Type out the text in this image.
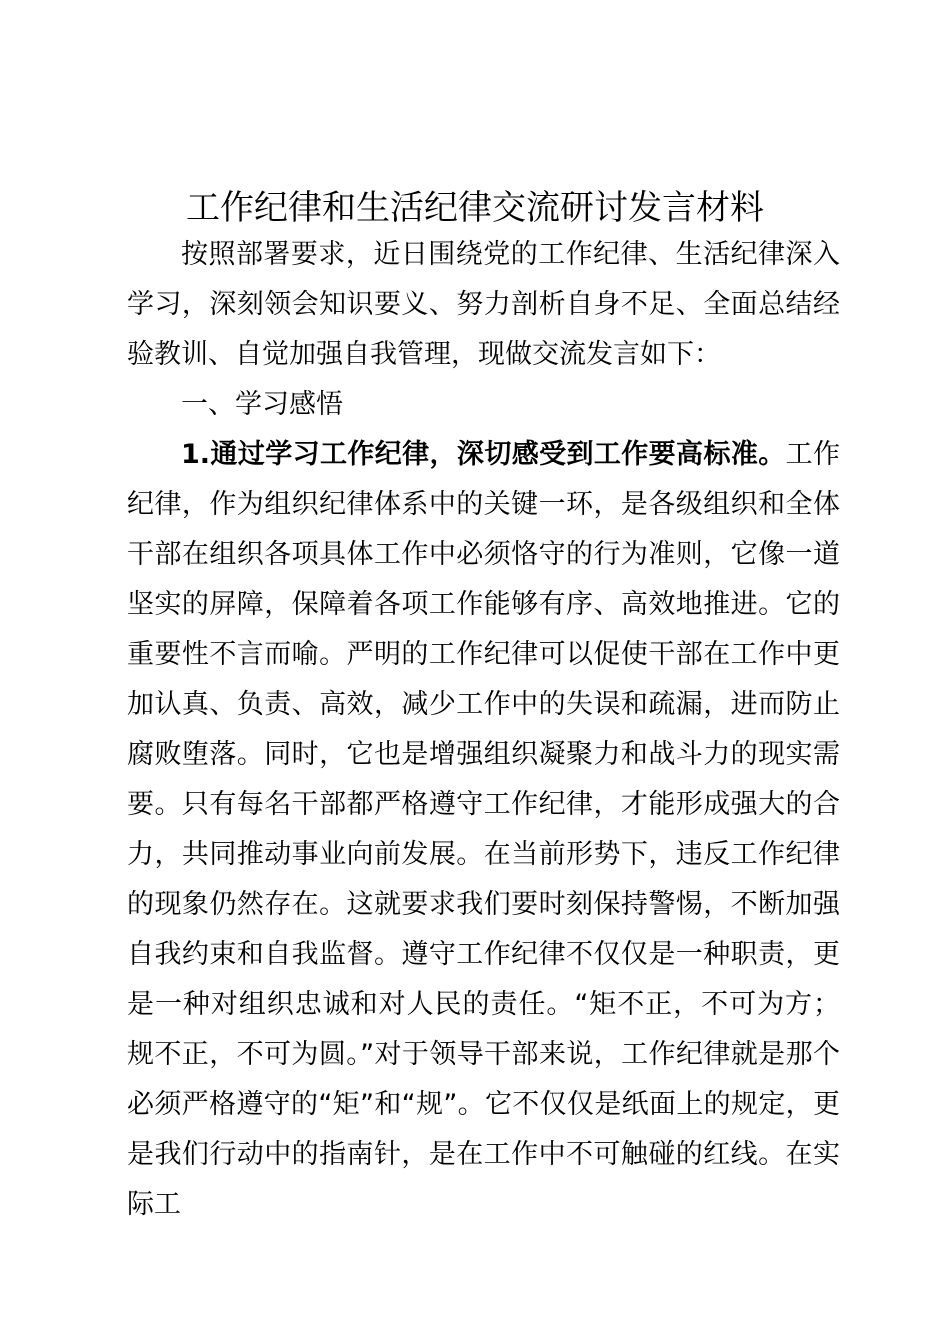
工作纪律和生活纪律交流研讨发言材料

按照部署要求，近日围绕党的工作纪律、生活纪律深入学习，深刻领会知识要义、努力剖析自身不足、全面总结经验教训、自觉加强自我管理，现做交流发言如下：

一、学习感悟

1.通过学习工作纪律，深切感受到工作要高标准。工作纪律，作为组织纪律体系中的关键一环，是各级组织和全体干部在组织各项具体工作中必须恪守的行为准则，它像一道坚实的屏障，保障着各项工作能够有序、高效地推进。它的重要性不言而喻。严明的工作纪律可以促使干部在工作中更加认真、负责、高效，减少工作中的失误和疏漏，进而防止腐败堕落。同时，它也是增强组织凝聚力和战斗力的现实需要。只有每名干部都严格遵守工作纪律，才能形成强大的合力，共同推动事业向前发展。在当前形势下，违反工作纪律的现象仍然存在。这就要求我们要时刻保持警惕，不断加强自我约束和自我监督。遵守工作纪律不仅仅是一种职责，更是一种对组织忠诚和对人民的责任。“矩不正，不可为方；规不正，不可为圆。”对于领导干部来说，工作纪律就是那个必须严格遵守的“矩”和“规”。它不仅仅是纸面上的规定，更是我们行动中的指南针，是在工作中不可触碰的红线。在实际工
